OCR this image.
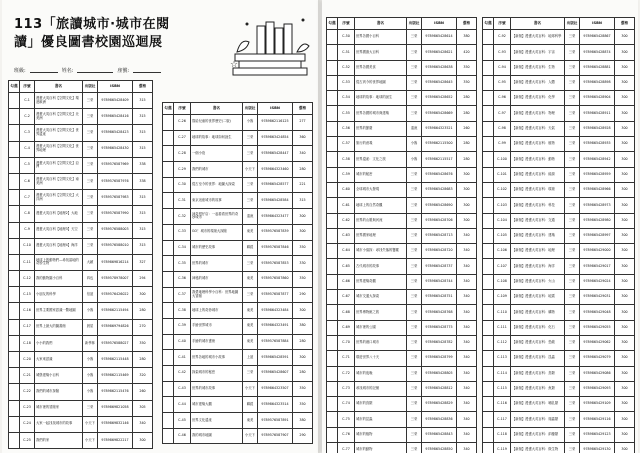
113「旅讀城市·城市在閱
讀」優良圖書校園巡迴展
☆
班級:	姓名:	座號:
勾選	序號	書名	出版社	ISBN	價格
	C-1	漫畫大英百科【空間文化】環遊歐洲	三采	9789865428409	315
	C-2	漫畫大英百科【空間文化】北美洲	三采	9789865428416	315
	C-3	漫畫大英百科【空間文化】世界遺產	三采	9789865428423	315
	C-4	漫畫大英百科【空間文化】世界地理	三采	9789865428430	315
	C-5	漫畫大英百科【空間文化】亞洲	三采	9789576587969	338
	C-6	漫畫大英百科【空間文化】南美洲	三采	9789576587976	338
	C-7	漫畫大英百科【空間文化】大洋洲	三采	9789576587983	315
	C-8	漫畫大英百科【地理2】大地	三采	9789576587990	315
	C-9	漫畫大英百科【地理3】天空	三采	9789576588003	315
	C-10	漫畫大英百科【地理4】海洋	三采	9789576588010	315
	C-11	地球上的動物們—尋找當地的奇妙生物	大穎	9789869816214	327
	C-12	我的動物園小百科	四也	9789578978007	294
	C-15	小朋友的科學	信誼	9789576426022	300
	C-16	世界主要國家認識一覽地圖	小魯	9789862115494	280
	C-17	世界上最大的圖書館	晨星	9789869794826	270
	C-18	小小的我們	新學林	9789576588027	350
	C-20	大家來認識	小魯	9789862115448	280
	C-21	城堡建築小百科	小魯	9789862115469	320
	C-22	我們的城市探險	小魯	9789862115476	260
	C-23	城市裡的冒險家	三采	9789869821058	305
	C-24	大家一起找找城市的故事	小天下	9789869832146	340
	C-25	我們的家	小天下	9789869822217	300
勾選	序號	書名	出版社	ISBN	價格
	C-26	寫給兒童的世界歷史(二版)	小魯	9789862116125	277
	C-27	地球的故事：地球如何誕生	三采	9789863424854	360
	C-28	一個小島	三采	9789865428447	340
	C-29	我們的城市	小天下	9789864323460	280
	C-30	從古至今的世界：地圖大探索	三采	9789865428577	221
	C-31	東京這座城市的故事	三采	9789865428584	315
	C-32	神奇柑仔店：一起看看世界的奇妙城市	遠流	9789864323477	300
	C-33	GO！城市的環境大探險	東美	9789576587839	300
	C-34	城市的歷史故事	聯經	9789576587846	350
	C-35	世界的城市	三采	9789576587853	330
	C-36	神秘的城市	東美	9789576587860	350
	C-37	我愛地理科學小百科：世界地圖大冒險	三采	9789576587877	290
	C-38	地球上的奇妙城市	東美	9789864323484	300
	C-39	手繪世界城市	東美	9789864323491	380
	C-40	手繪的城市畫冊	東美	9789576587884	280
	C-41	世界各地的城市小故事	上誼	9789865428591	300
	C-42	探索城市的秘密	三采	9789865428607	280
	C-43	世界的城市故事	小天下	9789864323507	350
	C-44	城市建築大觀	聯經	9789864323514	350
	C-45	世界文化遺產	東美	9789576587891	380
	C-46	我的城市地圖	小天下	9789576587907	290
勾選	序號	書名	出版社	ISBN	價格
	C-50	世界各國小百科	三采	9789865428614	380
	C-51	世界國旗大百科	三采	9789865428621	420
	C-52	世界各國美食	三采	9789865428638	350
	C-53	從古到今的世界地圖	三采	9789865428645	350
	C-54	地球的故事：地球的誕生	三采	9789865428652	280
	C-55	世界各國的城市與建築	三采	9789865428669	280
	C-56	世界的節慶	遠流	9789864323521	260
	C-57	旅行的意義	小魯	9789862115500	280
	C-58	世界遺產：文化之旅	小魯	9789862115517	280
	C-59	城市的秘密	三采	9789865428676	300
	C-60	全球城市大發現	三采	9789865428683	300
	C-61	地球上的自然奇觀	三采	9789865428690	300
	C-62	世界的山脈與河流	三采	9789865428706	300
	C-63	世界國家地理	三采	9789865428713	340
	C-64	城市小偵探：尋找失落的寶藏	三采	9789865428720	340
	C-65	古代城市的故事	三采	9789865428737	340
	C-66	世界建築奇觀	三采	9789865428744	340
	C-67	城市交通大探索	三采	9789865428751	340
	C-68	世界博物館之旅	三采	9789865428768	340
	C-69	城市裡的公園	三采	9789865428775	340
	C-70	世界的港口城市	三采	9789865428782	340
	C-71	環遊世界八十天	三采	9789865428799	340
	C-72	城市的夜晚	三采	9789865428805	340
	C-73	尋找城市的記憶	三采	9789865428812	340
	C-74	城市的鳥類	三采	9789865428829	340
	C-75	城市的昆蟲	三采	9789865428836	340
	C-76	城市的植物	三采	9789865428843	340
	C-77	城市的動物	三采	9789865428850	340
勾選	序號	書名	出版社	ISBN	價格
	C-92	【新版】漫畫大英百科：地球科學	三采	9789865428867	300
	C-93	【新版】漫畫大英百科：宇宙	三采	9789865428874	300
	C-94	【新版】漫畫大英百科：生物	三采	9789865428881	300
	C-95	【新版】漫畫大英百科：人體	三采	9789865428898	300
	C-96	【新版】漫畫大英百科：化學	三采	9789865428904	300
	C-97	【新版】漫畫大英百科：物理	三采	9789865428911	300
	C-98	【新版】漫畫大英百科：天氣	三采	9789865428928	300
	C-99	【新版】漫畫大英百科：植物	三采	9789865428935	300
	C-100	【新版】漫畫大英百科：動物	三采	9789865428942	300
	C-101	【新版】漫畫大英百科：能源	三采	9789865428959	300
	C-102	【新版】漫畫大英百科：環境	三采	9789865428966	300
	C-103	【新版】漫畫大英百科：科技	三采	9789865428973	300
	C-104	【新版】漫畫大英百科：交通	三采	9789865428980	300
	C-105	【新版】漫畫大英百科：建築	三采	9789865428997	300
	C-106	【新版】漫畫大英百科：地理	三采	9789865429000	300
	C-107	【新版】漫畫大英百科：海洋	三采	9789865429017	300
	C-108	【新版】漫畫大英百科：火山	三采	9789865429024	300
	C-109	【新版】漫畫大英百科：地震	三采	9789865429031	300
	C-110	【新版】漫畫大英百科：礦物	三采	9789865429048	300
	C-111	【新版】漫畫大英百科：化石	三采	9789865429055	300
	C-112	【新版】漫畫大英百科：恐龍	三采	9789865429062	300
	C-113	【新版】漫畫大英百科：昆蟲	三采	9789865429079	300
	C-114	【新版】漫畫大英百科：鳥類	三采	9789865429086	300
	C-115	【新版】漫畫大英百科：魚類	三采	9789865429093	300
	C-116	【新版】漫畫大英百科：哺乳類	三采	9789865429109	300
	C-117	【新版】漫畫大英百科：爬蟲類	三采	9789865429116	300
	C-118	【新版】漫畫大英百科：兩棲類	三采	9789865429123	300
	C-119	【新版】漫畫大英百科：微生物	三采	9789865429130	300
